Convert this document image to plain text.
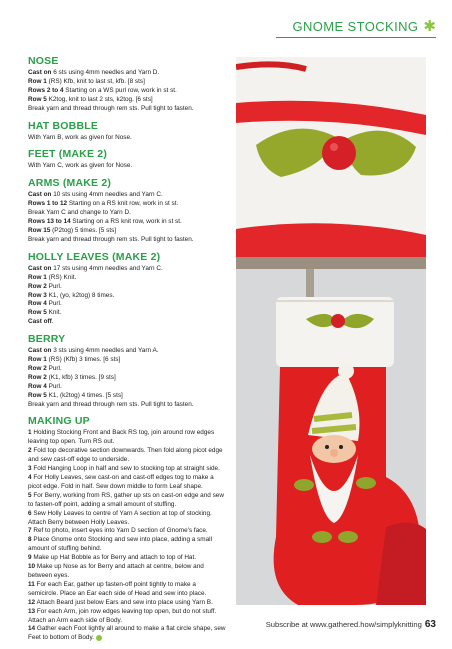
GNOME STOCKING ✱
NOSE
Cast on 6 sts using 4mm needles and Yarn D.
Row 1 (RS) Kfb, knit to last st, kfb. [8 sts]
Rows 2 to 4 Starting on a WS purl row, work in st st.
Row 5 K2tog, knit to last 2 sts, k2tog. [6 sts]
Break yarn and thread through rem sts. Pull tight to fasten.
HAT BOBBLE
With Yarn B, work as given for Nose.
FEET (MAKE 2)
With Yarn C, work as given for Nose.
ARMS (MAKE 2)
Cast on 10 sts using 4mm needles and Yarn C.
Rows 1 to 12 Starting on a RS knit row, work in st st.
Break Yarn C and change to Yarn D.
Rows 13 to 14 Starting on a RS knit row, work in st st.
Row 15 (P2tog) 5 times. [5 sts]
Break yarn and thread through rem sts. Pull tight to fasten.
HOLLY LEAVES (MAKE 2)
Cast on 17 sts using 4mm needles and Yarn C.
Row 1 (RS) Knit.
Row 2 Purl.
Row 3 K1, (yo, k2tog) 8 times.
Row 4 Purl.
Row 5 Knit.
Cast off.
BERRY
Cast on 3 sts using 4mm needles and Yarn A.
Row 1 (RS) (Kfb) 3 times. [6 sts]
Row 2 Purl.
Row 2 (K1, kfb) 3 times. [9 sts]
Row 4 Purl.
Row 5 K1, (k2tog) 4 times. [5 sts]
Break yarn and thread through rem sts. Pull tight to fasten.
MAKING UP
1 Holding Stocking Front and Back RS tog, join around row edges leaving top open. Turn RS out.
2 Fold top decorative section downwards. Then fold along picot edge and sew cast-off edge to underside.
3 Fold Hanging Loop in half and sew to stocking top at straight side.
4 For Holly Leaves, sew cast-on and cast-off edges tog to make a picot edge. Fold in half. Sew down middle to form Leaf shape.
5 For Berry, working from RS, gather up sts on cast-on edge and sew to fasten-off point, adding a small amount of stuffing.
6 Sew Holly Leaves to centre of Yarn A section at top of stocking. Attach Berry between Holly Leaves.
7 Ref to photo, insert eyes into Yarn D section of Gnome's face.
8 Place Gnome onto Stocking and sew into place, adding a small amount of stuffing behind.
9 Make up Hat Bobble as for Berry and attach to top of Hat.
10 Make up Nose as for Berry and attach at centre, below and between eyes.
11 For each Ear, gather up fasten-off point tightly to make a semicircle. Place an Ear each side of Head and sew into place.
12 Attach Beard just below Ears and sew into place using Yarn B.
13 For each Arm, join row edges leaving top open, but do not stuff. Attach an Arm each side of Body.
14 Gather each Foot lightly all around to make a flat circle shape, sew Feet to bottom of Body.
Subscribe at www.gathered.how/simplyknitting 63
